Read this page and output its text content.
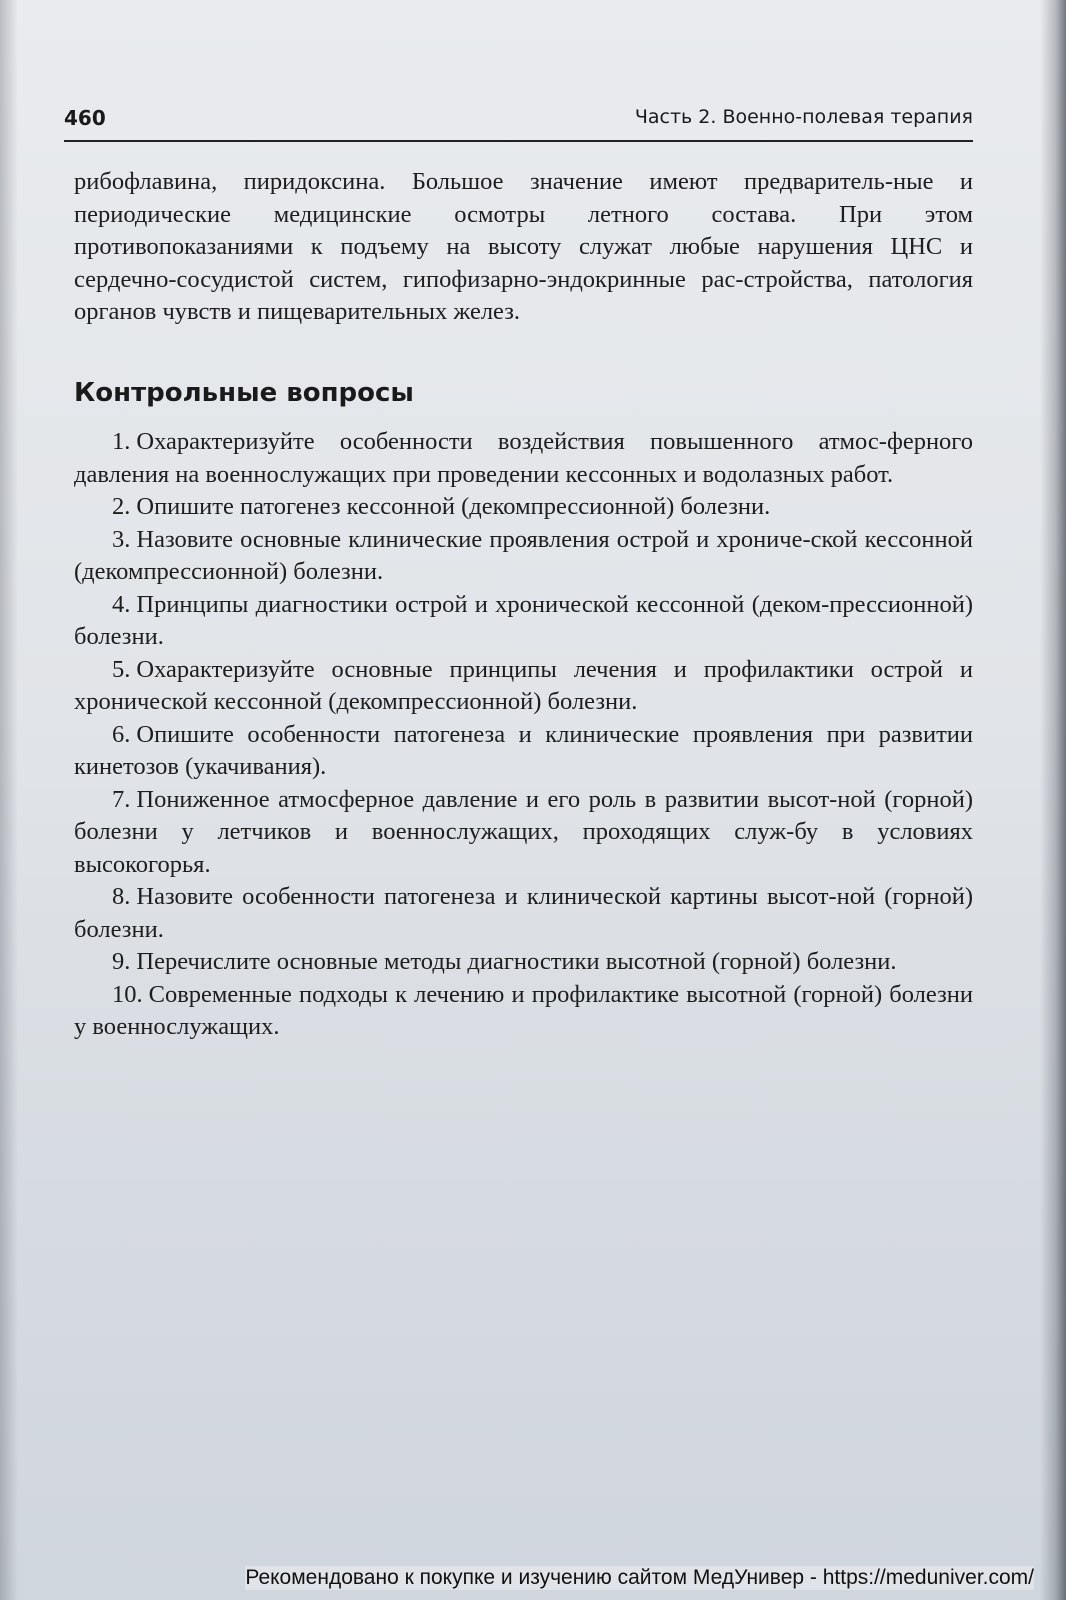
460	Часть 2. Военно-полевая терапия
рибофлавина, пиридоксина. Большое значение имеют предваритель-ные и периодические медицинские осмотры летного состава. При этом противопоказаниями к подъему на высоту служат любые нарушения ЦНС и сердечно-сосудистой систем, гипофизарно-эндокринные рас-стройства, патология органов чувств и пищеварительных желез.
Контрольные вопросы

1. Охарактеризуйте особенности воздействия повышенного атмос-ферного давления на военнослужащих при проведении кессонных и водолазных работ.

2. Опишите патогенез кессонной (декомпрессионной) болезни.

3. Назовите основные клинические проявления острой и хрониче-ской кессонной (декомпрессионной) болезни.

4. Принципы диагностики острой и хронической кессонной (деком-прессионной) болезни.

5. Охарактеризуйте основные принципы лечения и профилактики острой и хронической кессонной (декомпрессионной) болезни.

6. Опишите особенности патогенеза и клинические проявления при развитии кинетозов (укачивания).

7. Пониженное атмосферное давление и его роль в развитии высот-ной (горной) болезни у летчиков и военнослужащих, проходящих служ-бу в условиях высокогорья.

8. Назовите особенности патогенеза и клинической картины высот-ной (горной) болезни.

9. Перечислите основные методы диагностики высотной (горной) болезни.

10. Современные подходы к лечению и профилактике высотной (горной) болезни у военнослужащих.

Рекомендовано к покупке и изучению сайтом МедУнивер - https://meduniver.com/
